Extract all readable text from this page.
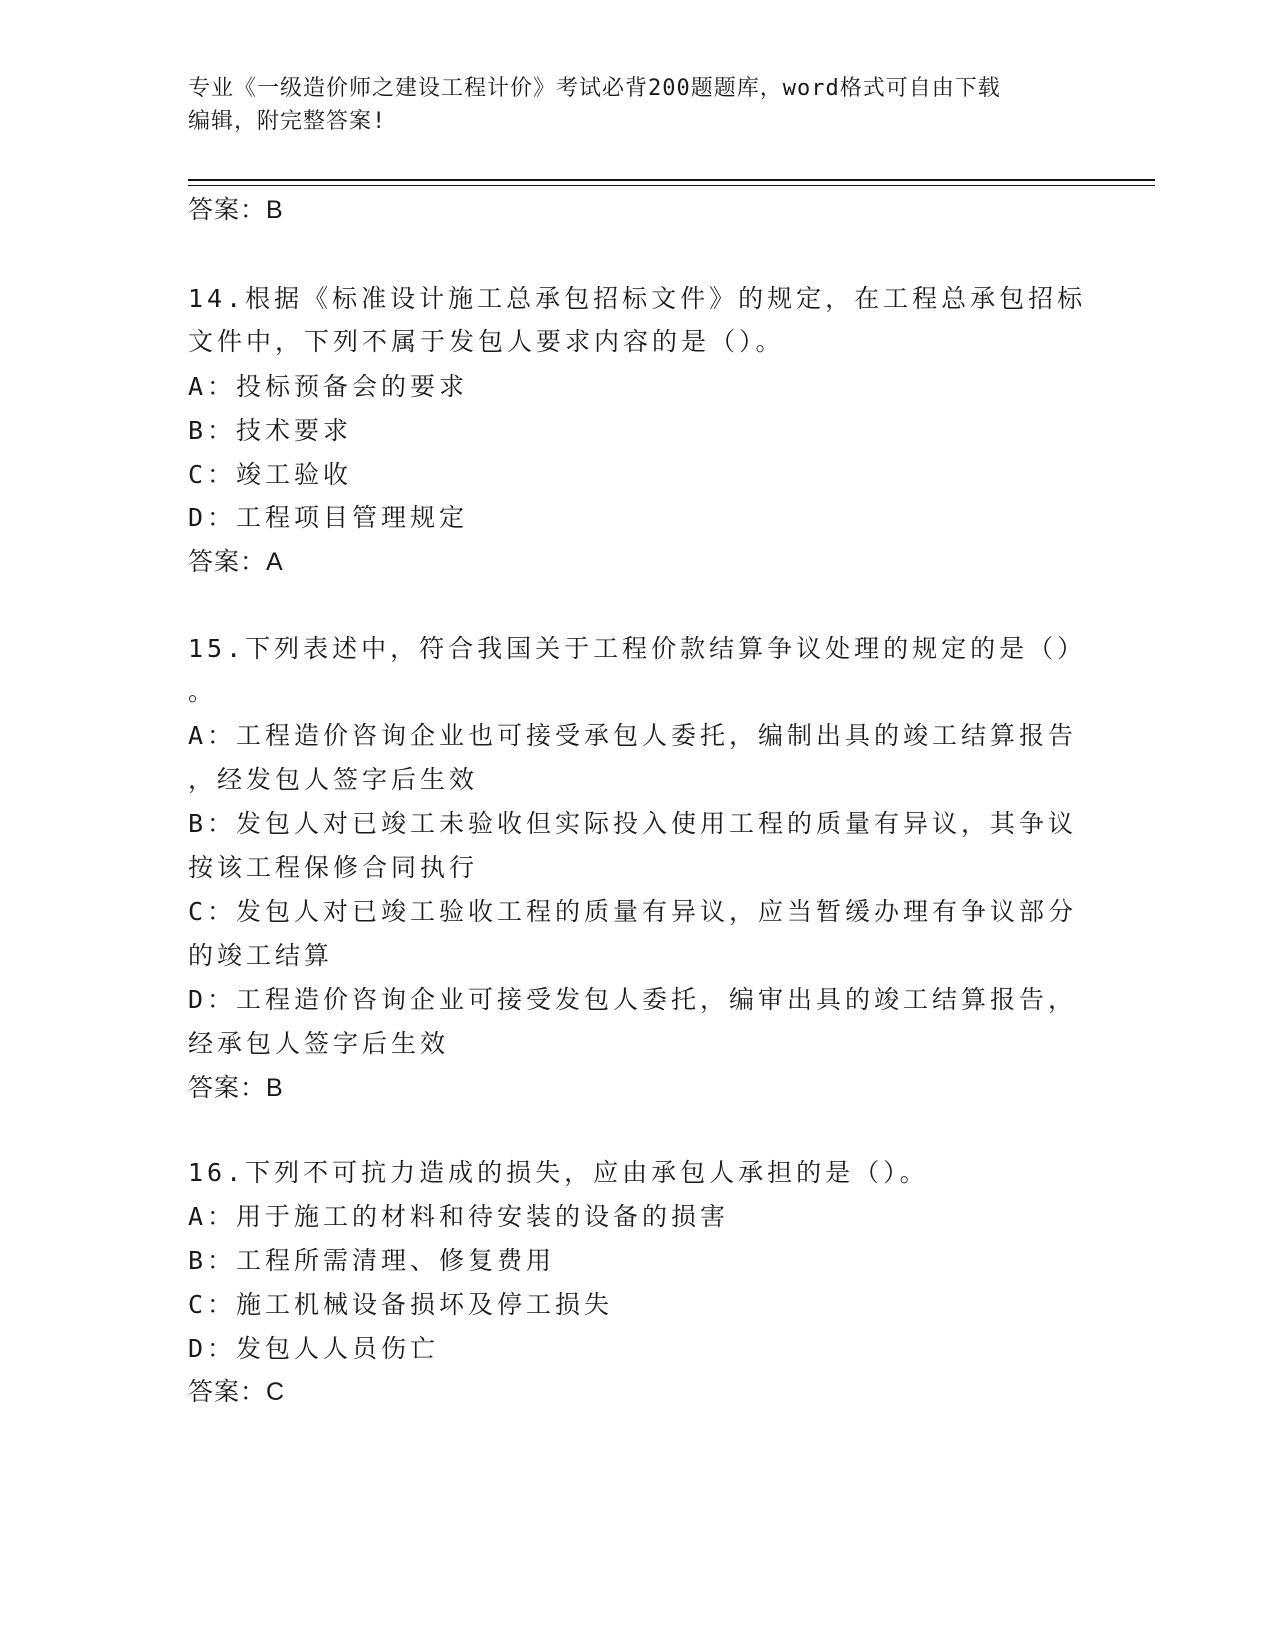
专业《一级造价师之建设工程计价》考试必背200题题库，word格式可自由下载
编辑，附完整答案!
答案：B
14.根据《标准设计施工总承包招标文件》的规定，在工程总承包招标
文件中，下列不属于发包人要求内容的是（）。
A：投标预备会的要求
B：技术要求
C：竣工验收
D：工程项目管理规定
答案：A
15.下列表述中，符合我国关于工程价款结算争议处理的规定的是（）
。
A：工程造价咨询企业也可接受承包人委托，编制出具的竣工结算报告
，经发包人签字后生效
B：发包人对已竣工未验收但实际投入使用工程的质量有异议，其争议
按该工程保修合同执行
C：发包人对已竣工验收工程的质量有异议，应当暂缓办理有争议部分
的竣工结算
D：工程造价咨询企业可接受发包人委托，编审出具的竣工结算报告，
经承包人签字后生效
答案：B
16.下列不可抗力造成的损失，应由承包人承担的是（）。
A：用于施工的材料和待安装的设备的损害
B：工程所需清理、修复费用
C：施工机械设备损坏及停工损失
D：发包人人员伤亡
答案：C
